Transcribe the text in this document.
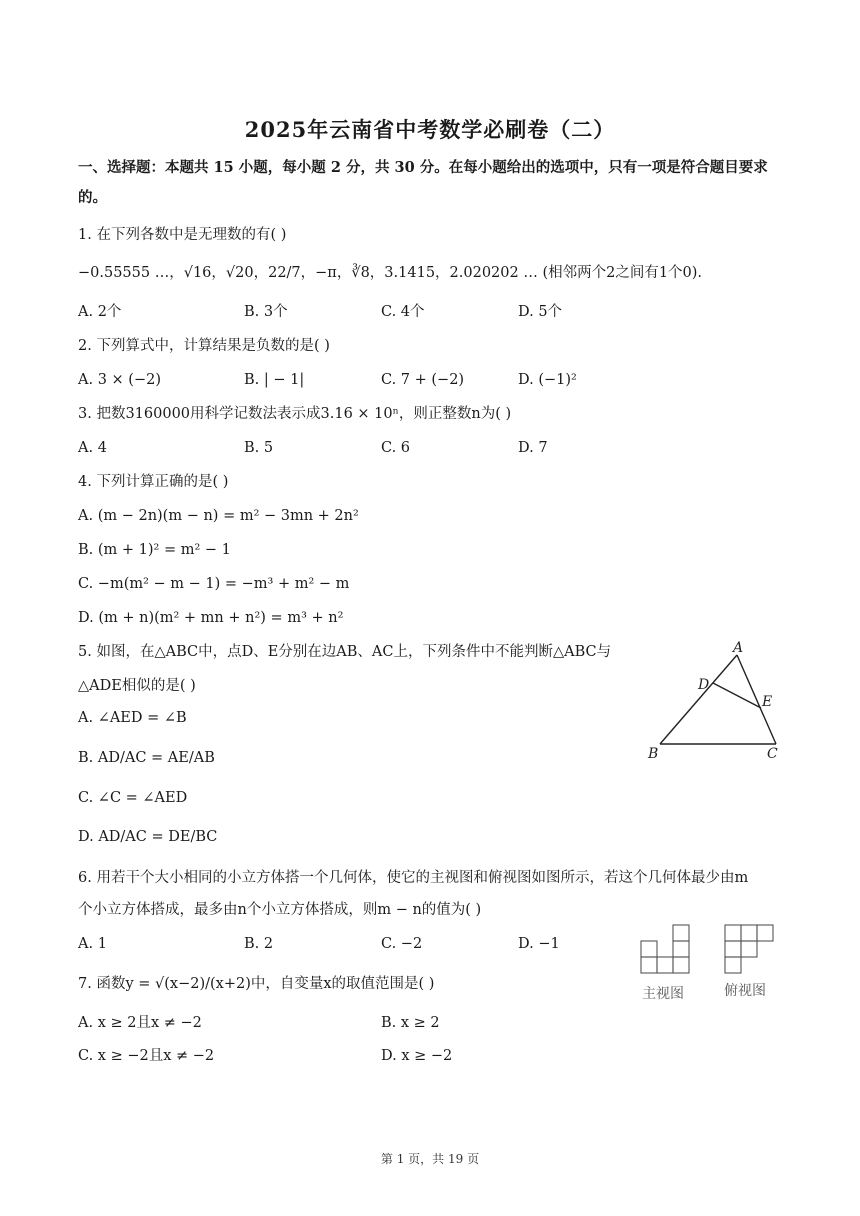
2025年云南省中考数学必刷卷（二）
一、选择题：本题共 15 小题，每小题 2 分，共 30 分。在每小题给出的选项中，只有一项是符合题目要求
的。
1. 在下列各数中是无理数的有( )
−0.55555 …，√16，√20，22/7，−π，∛8，3.1415，2.020202 … (相邻两个2之间有1个0).
A. 2个	B. 3个	C. 4个	D. 5个
2. 下列算式中，计算结果是负数的是( )
A. 3 × (−2)	B. | − 1|	C. 7 + (−2)	D. (−1)²
3. 把数3160000用科学记数法表示成3.16 × 10ⁿ，则正整数n为( )
A. 4	B. 5	C. 6	D. 7
4. 下列计算正确的是( )
A. (m − 2n)(m − n) = m² − 3mn + 2n²
B. (m + 1)² = m² − 1
C. −m(m² − m − 1) = −m³ + m² − m
D. (m + n)(m² + mn + n²) = m³ + n²
5. 如图，在△ABC中，点D、E分别在边AB、AC上，下列条件中不能判断△ABC与
△ADE相似的是( )
A. ∠AED = ∠B
B. AD/AC = AE/AB
C. ∠C = ∠AED
D. AD/AC = DE/BC
A
D
E
B	C
6. 用若干个大小相同的小立方体搭一个几何体，使它的主视图和俯视图如图所示，若这个几何体最少由m
个小立方体搭成，最多由n个小立方体搭成，则m − n的值为( )
A. 1	B. 2	C. −2	D. −1
主视图	俯视图
7. 函数y = √(x−2)/(x+2)中，自变量x的取值范围是( )
A. x ≥ 2且x ≠ −2	B. x ≥ 2
C. x ≥ −2且x ≠ −2	D. x ≥ −2
第 1 页，共 19 页
